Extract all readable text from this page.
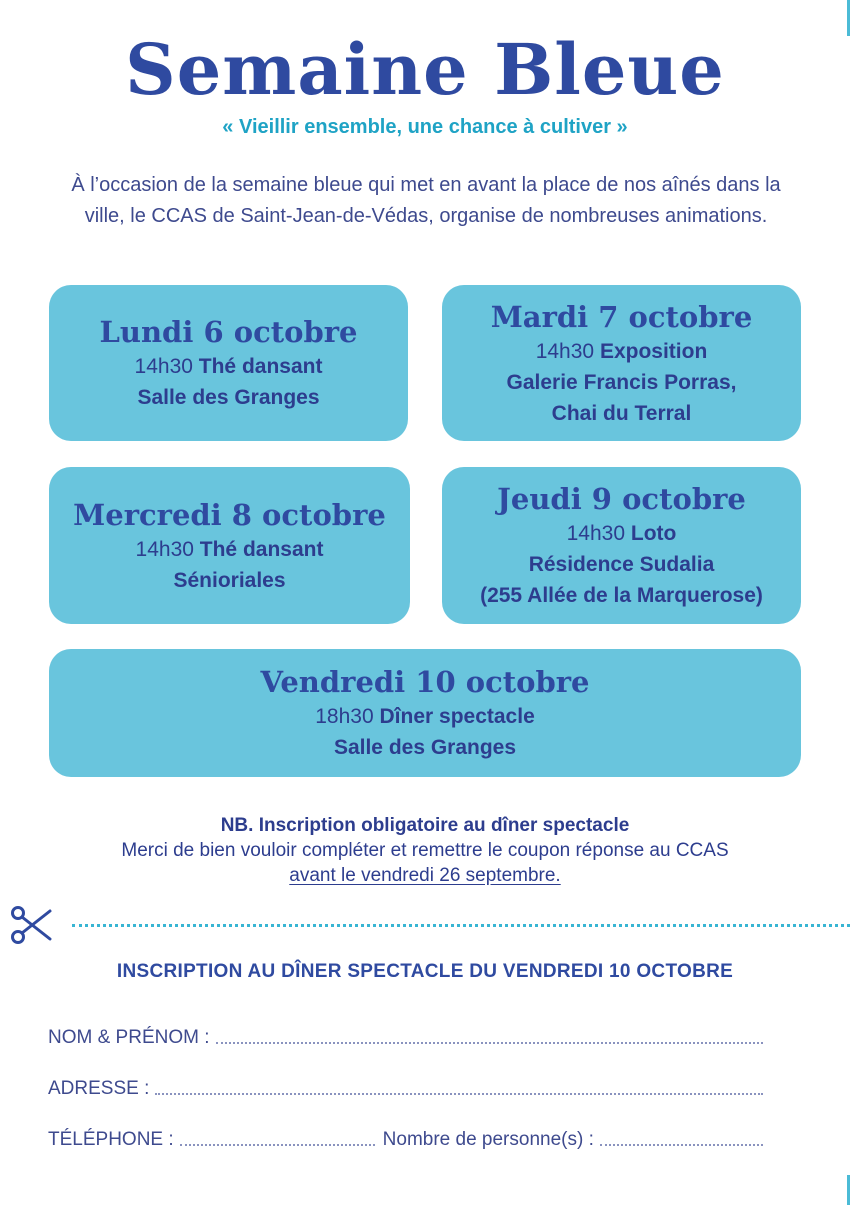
Semaine Bleue
« Vieillir ensemble, une chance à cultiver »
À l’occasion de la semaine bleue qui met en avant la place de nos aînés dans la ville, le CCAS de Saint-Jean-de-Védas, organise de nombreuses animations.
Lundi 6 octobre
14h30 Thé dansant
Salle des Granges
Mardi 7 octobre
14h30 Exposition
Galerie Francis Porras,
Chai du Terral
Mercredi 8 octobre
14h30 Thé dansant
Sénioriales
Jeudi 9 octobre
14h30 Loto
Résidence Sudalia
(255 Allée de la Marquerose)
Vendredi 10 octobre
18h30 Dîner spectacle
Salle des Granges
NB. Inscription obligatoire au dîner spectacle
Merci de bien vouloir compléter et remettre le coupon réponse au CCAS
avant le vendredi 26 septembre.
INSCRIPTION AU DÎNER SPECTACLE DU VENDREDI 10 OCTOBRE
NOM & PRÉNOM :
ADRESSE :
TÉLÉPHONE :	Nombre de personne(s) :
